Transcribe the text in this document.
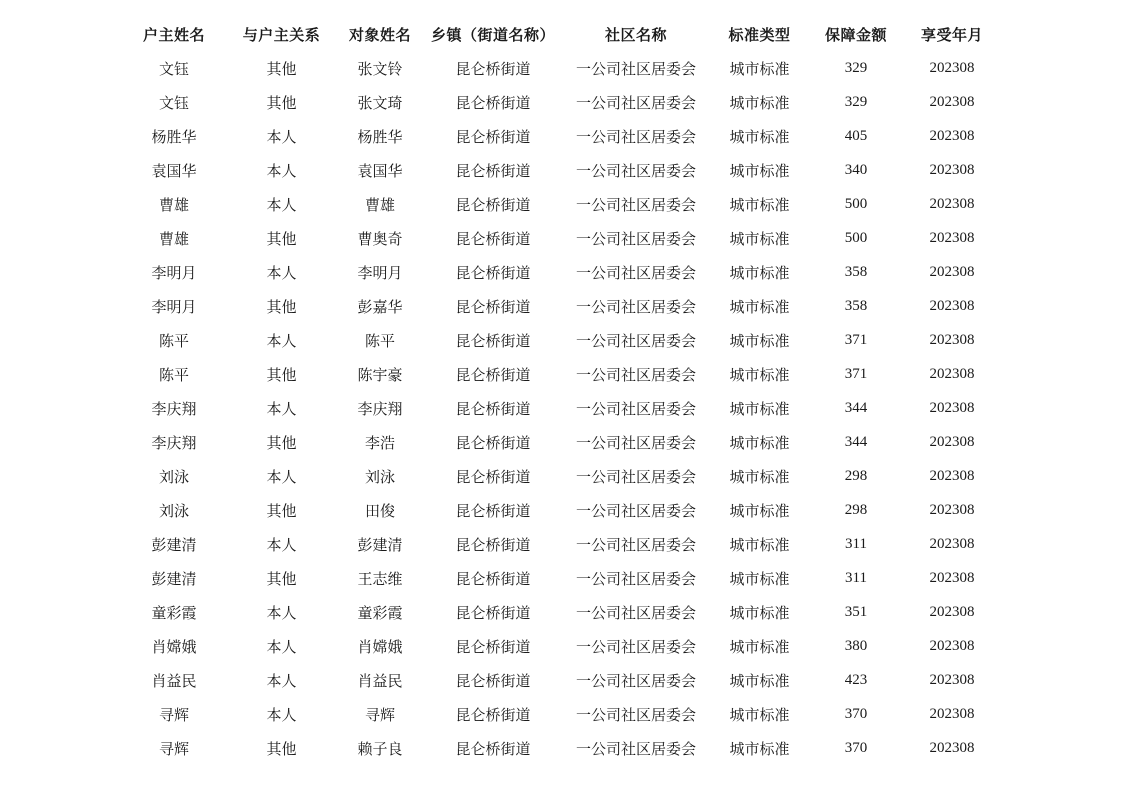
户主姓名	与户主关系	对象姓名	乡镇（街道名称）	社区名称	标准类型	保障金额	享受年月
文钰	其他	张文铃	昆仑桥街道	一公司社区居委会	城市标准	329	202308
文钰	其他	张文琦	昆仑桥街道	一公司社区居委会	城市标准	329	202308
杨胜华	本人	杨胜华	昆仑桥街道	一公司社区居委会	城市标准	405	202308
袁国华	本人	袁国华	昆仑桥街道	一公司社区居委会	城市标准	340	202308
曹雄	本人	曹雄	昆仑桥街道	一公司社区居委会	城市标准	500	202308
曹雄	其他	曹奥奇	昆仑桥街道	一公司社区居委会	城市标准	500	202308
李明月	本人	李明月	昆仑桥街道	一公司社区居委会	城市标准	358	202308
李明月	其他	彭嘉华	昆仑桥街道	一公司社区居委会	城市标准	358	202308
陈平	本人	陈平	昆仑桥街道	一公司社区居委会	城市标准	371	202308
陈平	其他	陈宇豪	昆仑桥街道	一公司社区居委会	城市标准	371	202308
李庆翔	本人	李庆翔	昆仑桥街道	一公司社区居委会	城市标准	344	202308
李庆翔	其他	李浩	昆仑桥街道	一公司社区居委会	城市标准	344	202308
刘泳	本人	刘泳	昆仑桥街道	一公司社区居委会	城市标准	298	202308
刘泳	其他	田俊	昆仑桥街道	一公司社区居委会	城市标准	298	202308
彭建清	本人	彭建清	昆仑桥街道	一公司社区居委会	城市标准	311	202308
彭建清	其他	王志维	昆仑桥街道	一公司社区居委会	城市标准	311	202308
童彩霞	本人	童彩霞	昆仑桥街道	一公司社区居委会	城市标准	351	202308
肖嫦娥	本人	肖嫦娥	昆仑桥街道	一公司社区居委会	城市标准	380	202308
肖益民	本人	肖益民	昆仑桥街道	一公司社区居委会	城市标准	423	202308
寻辉	本人	寻辉	昆仑桥街道	一公司社区居委会	城市标准	370	202308
寻辉	其他	赖子良	昆仑桥街道	一公司社区居委会	城市标准	370	202308
